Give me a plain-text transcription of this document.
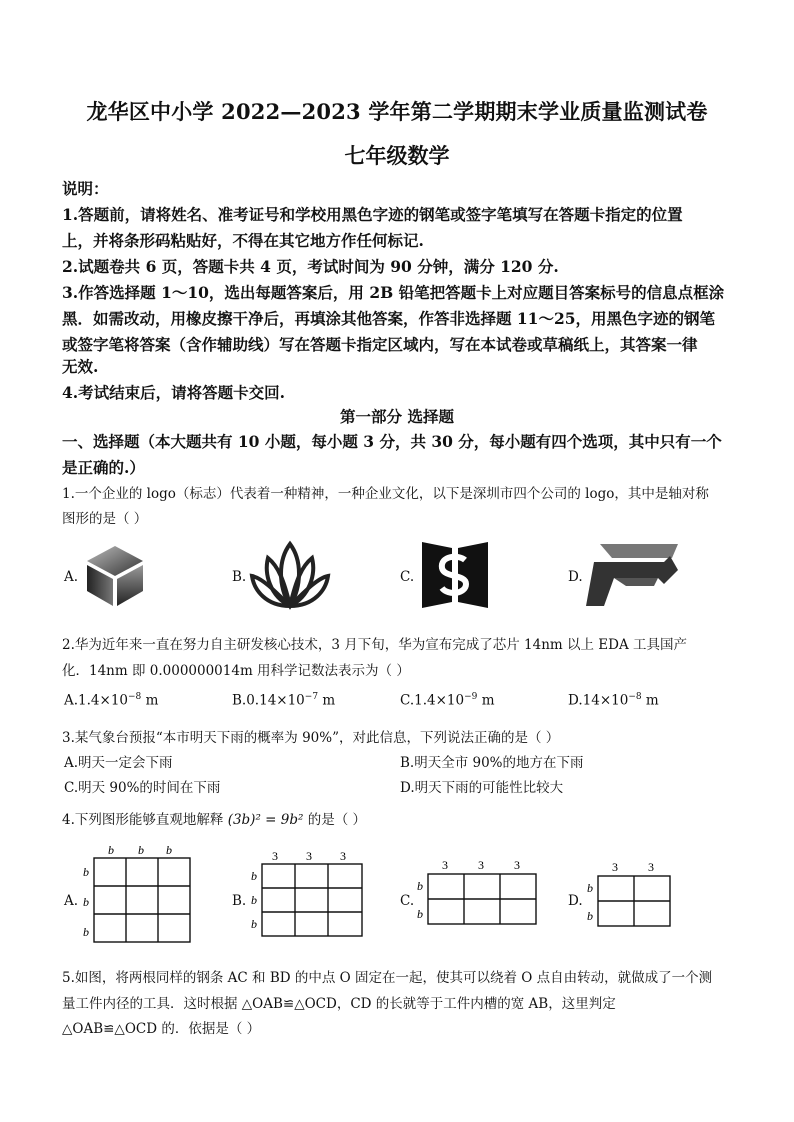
龙华区中小学 2022—2023 学年第二学期期末学业质量监测试卷
七年级数学
说明：
1.答题前，请将姓名、准考证号和学校用黑色字迹的钢笔或签字笔填写在答题卡指定的位置
上，并将条形码粘贴好，不得在其它地方作任何标记.
2.试题卷共 6 页，答题卡共 4 页，考试时间为 90 分钟，满分 120 分.
3.作答选择题 1～10，选出每题答案后，用 2B 铅笔把答题卡上对应题目答案标号的信息点框涂
黑．如需改动，用橡皮擦干净后，再填涂其他答案，作答非选择题 11～25，用黑色字迹的钢笔
或签字笔将答案（含作辅助线）写在答题卡指定区域内，写在本试卷或草稿纸上，其答案一律
无效.
4.考试结束后，请将答题卡交回.
第一部分 选择题
一、选择题（本大题共有 10 小题，每小题 3 分，共 30 分，每小题有四个选项，其中只有一个
是正确的.）
1.一个企业的 logo（标志）代表着一种精神，一种企业文化，以下是深圳市四个公司的 logo，其中是轴对称
图形的是（ ）
A.	B.	C.	D.
2.华为近年来一直在努力自主研发核心技术，3 月下旬，华为宣布完成了芯片 14nm 以上 EDA 工具国产
化．14nm 即 0.000000014m 用科学记数法表示为（ ）
$A.1.4\times 10^{-8}$ m	$B.0.14\times 10^{-7}$ m	$C.1.4\times 10^{-9}$ m	$D.14\times 10^{-8}$ m
3.某气象台预报“本市明天下雨的概率为 90%”，对此信息，下列说法正确的是（ ）
A.明天一定会下雨	B.明天全市 90%的地方在下雨
C.明天 90%的时间在下雨	D.明天下雨的可能性比较大
4.下列图形能够直观地解释 (3b)² = 9b² 的是（ ）
A.
b b b
b
b
b
B.
3 3 3
b
b
b
C.
3	3	3
b
b
D.
3	3
b
b
5.如图，将两根同样的钢条 AC 和 BD 的中点 O 固定在一起，使其可以绕着 O 点自由转动，就做成了一个测
量工件内径的工具．这时根据 △OAB≌△OCD，CD 的长就等于工件内槽的宽 AB，这里判定
△OAB≌△OCD 的．依据是（ ）
